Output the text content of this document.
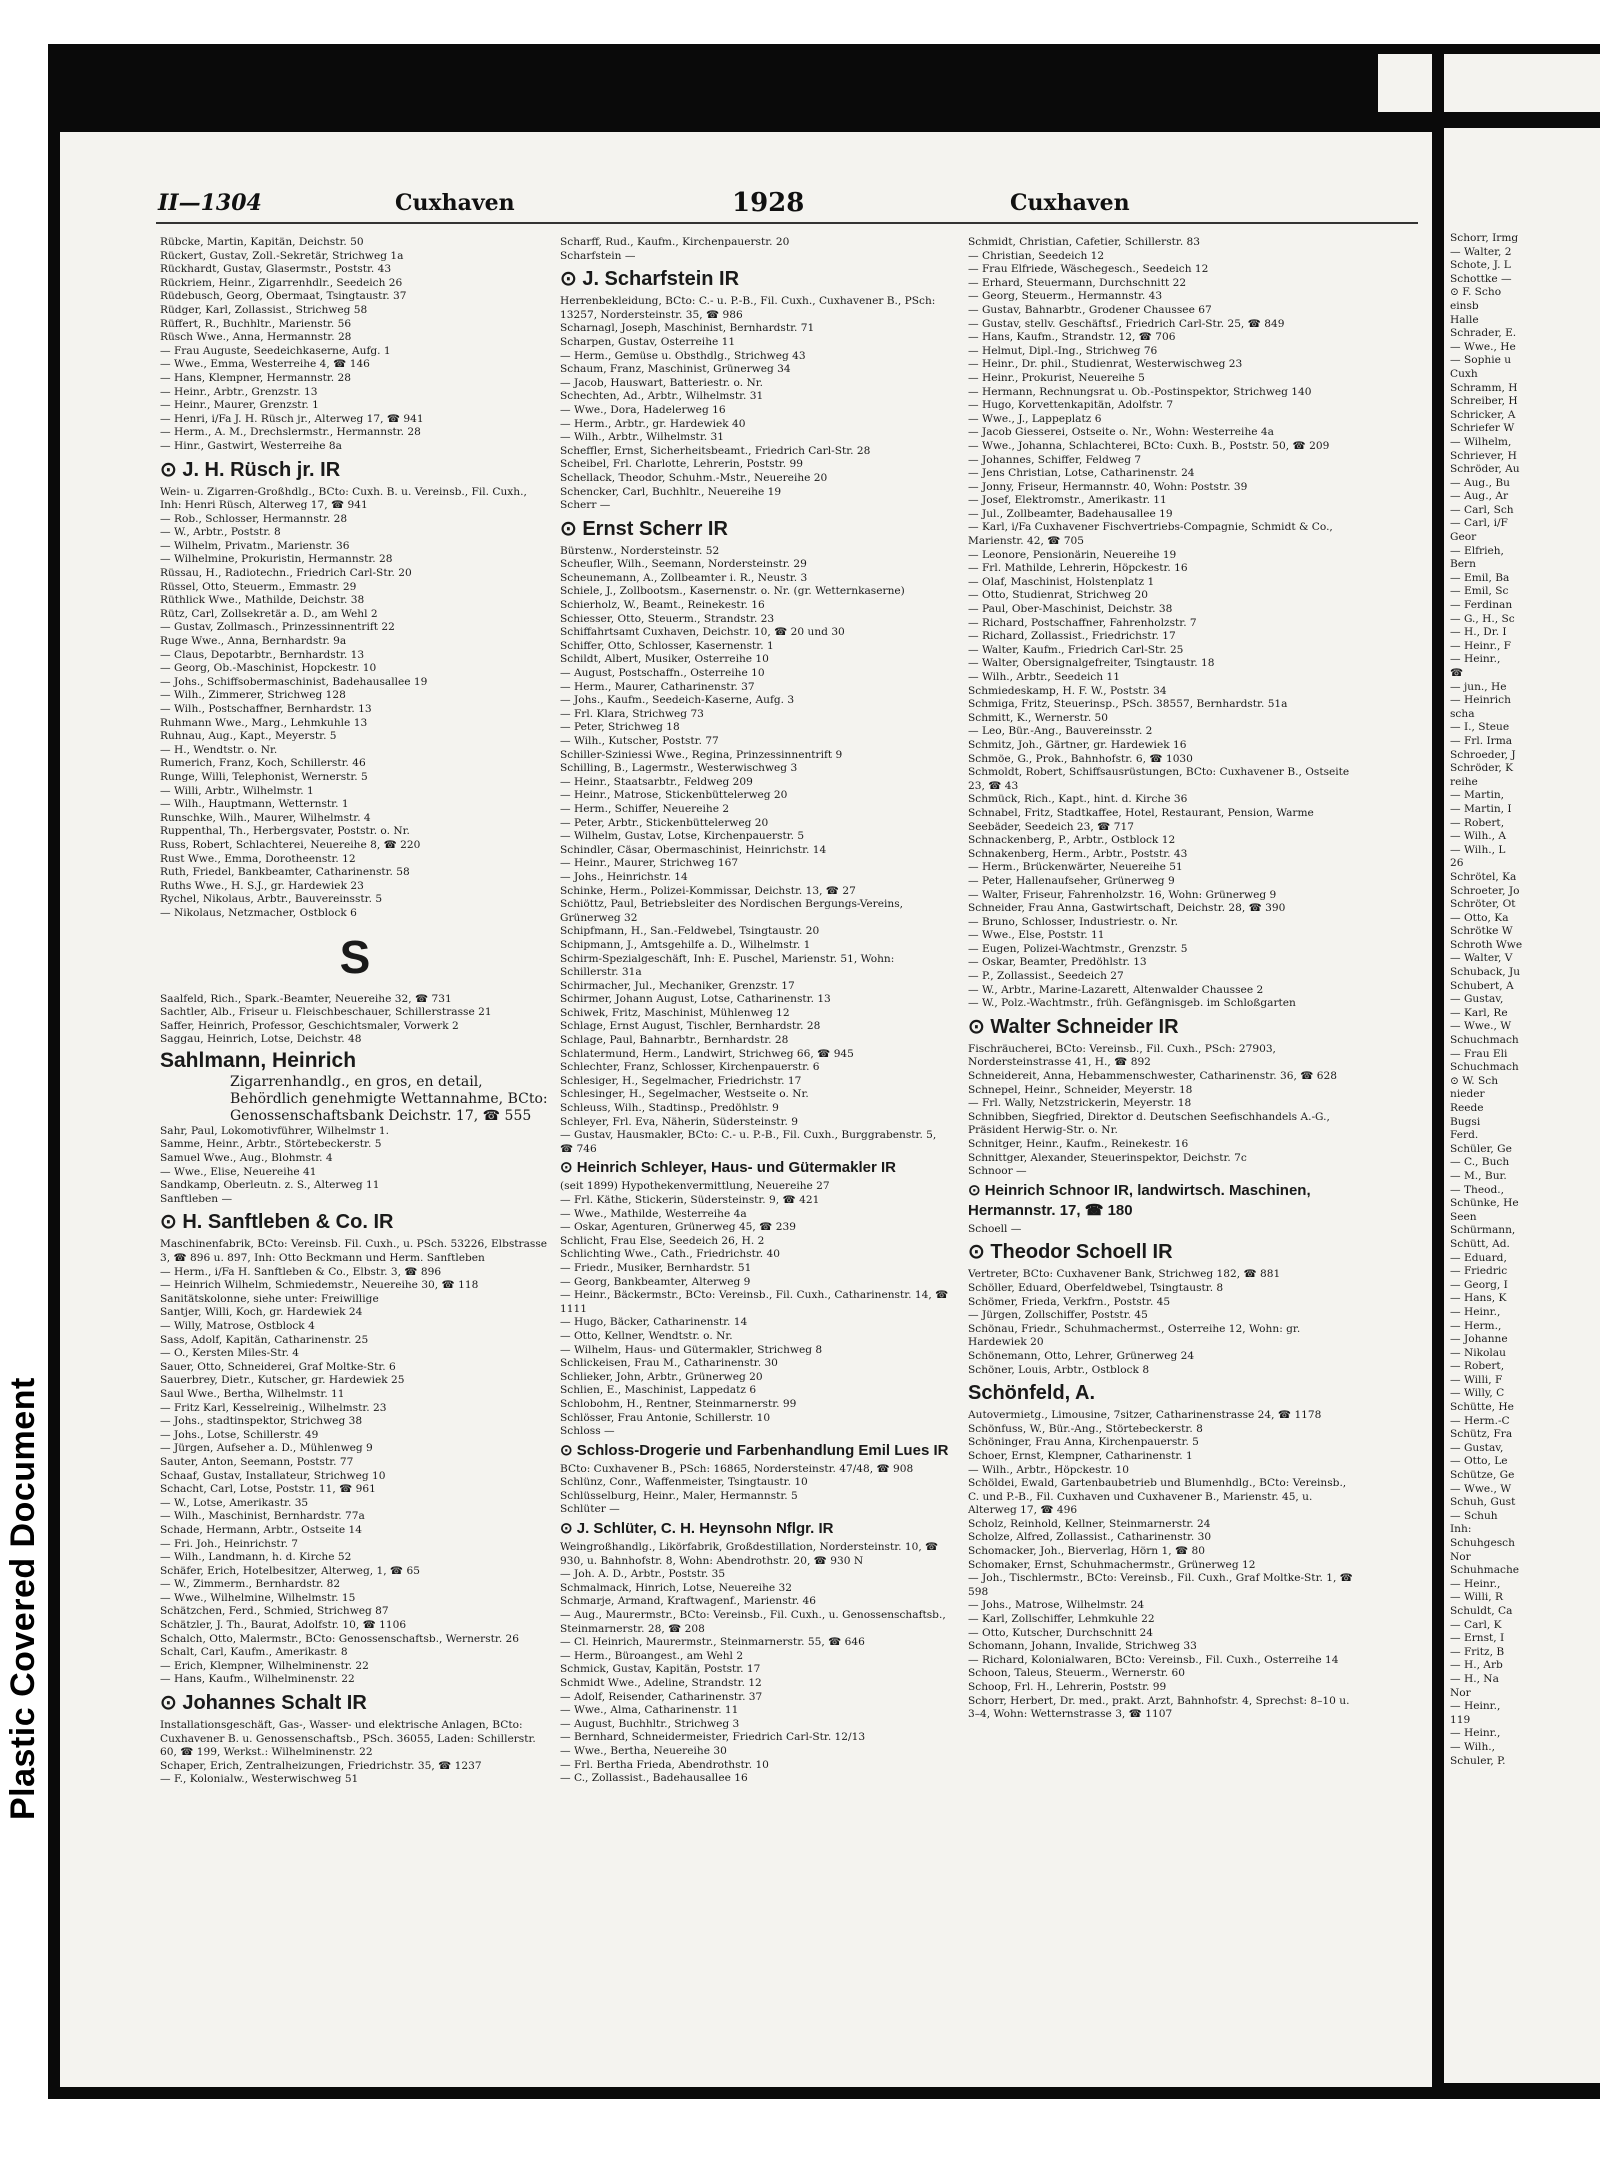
Plastic Covered Document
II—1304	Cuxhaven	1928	Cuxhaven
Rübcke, Martin, Kapitän, Deichstr. 50
Rückert, Gustav, Zoll.-Sekretär, Strichweg 1a
Rückhardt, Gustav, Glasermstr., Poststr. 43
Rückriem, Heinr., Zigarrenhdlr., Seedeich 26
Rüdebusch, Georg, Obermaat, Tsingtaustr. 37
Rüdger, Karl, Zollassist., Strichweg 58
Rüffert, R., Buchhltr., Marienstr. 56
Rüsch Wwe., Anna, Hermannstr. 28
— Frau Auguste, Seedeichkaserne, Aufg. 1
— Wwe., Emma, Westerreihe 4, ☎ 146
— Hans, Klempner, Hermannstr. 28
— Heinr., Arbtr., Grenzstr. 13
— Heinr., Maurer, Grenzstr. 1
— Henri, i/Fa J. H. Rüsch jr., Alterweg 17, ☎ 941
— Herm., A. M., Drechslermstr., Hermannstr. 28
— Hinr., Gastwirt, Westerreihe 8a
⊙ J. H. Rüsch jr. IR
Wein- u. Zigarren-Großhdlg., BCto: Cuxh. B. u. Vereinsb., Fil. Cuxh., Inh: Henri Rüsch, Alterweg 17, ☎ 941
— Rob., Schlosser, Hermannstr. 28
— W., Arbtr., Poststr. 8
— Wilhelm, Privatm., Marienstr. 36
— Wilhelmine, Prokuristin, Hermannstr. 28
Rüssau, H., Radiotechn., Friedrich Carl-Str. 20
Rüssel, Otto, Steuerm., Emmastr. 29
Rüthlick Wwe., Mathilde, Deichstr. 38
Rütz, Carl, Zollsekretär a. D., am Wehl 2
— Gustav, Zollmasch., Prinzessinnentrift 22
Ruge Wwe., Anna, Bernhardstr. 9a
— Claus, Depotarbtr., Bernhardstr. 13
— Georg, Ob.-Maschinist, Hopckestr. 10
— Johs., Schiffsobermaschinist, Badehausallee 19
— Wilh., Zimmerer, Strichweg 128
— Wilh., Postschaffner, Bernhardstr. 13
Ruhmann Wwe., Marg., Lehmkuhle 13
Ruhnau, Aug., Kapt., Meyerstr. 5
— H., Wendtstr. o. Nr.
Rumerich, Franz, Koch, Schillerstr. 46
Runge, Willi, Telephonist, Wernerstr. 5
— Willi, Arbtr., Wilhelmstr. 1
— Wilh., Hauptmann, Wetternstr. 1
Runschke, Wilh., Maurer, Wilhelmstr. 4
Ruppenthal, Th., Herbergsvater, Poststr. o. Nr.
Russ, Robert, Schlachterei, Neuereihe 8, ☎ 220
Rust Wwe., Emma, Dorotheenstr. 12
Ruth, Friedel, Bankbeamter, Catharinenstr. 58
Ruths Wwe., H. S.J., gr. Hardewiek 23
Rychel, Nikolaus, Arbtr., Bauvereinsstr. 5
— Nikolaus, Netzmacher, Ostblock 6
S
Saalfeld, Rich., Spark.-Beamter, Neuereihe 32, ☎ 731
Sachtler, Alb., Friseur u. Fleischbeschauer, Schillerstrasse 21
Saffer, Heinrich, Professor, Geschichtsmaler, Vorwerk 2
Saggau, Heinrich, Lotse, Deichstr. 48
Sahlmann, Heinrich
Zigarrenhandlg., en gros, en detail, Behördlich genehmigte Wettannahme, BCto: Genossenschaftsbank Deichstr. 17, ☎ 555
Sahr, Paul, Lokomotivführer, Wilhelmstr 1.
Samme, Heinr., Arbtr., Störtebeckerstr. 5
Samuel Wwe., Aug., Blohmstr. 4
— Wwe., Elise, Neuereihe 41
Sandkamp, Oberleutn. z. S., Alterweg 11
Sanftleben —
⊙ H. Sanftleben & Co. IR
Maschinenfabrik, BCto: Vereinsb. Fil. Cuxh., u. PSch. 53226, Elbstrasse 3, ☎ 896 u. 897, Inh: Otto Beckmann und Herm. Sanftleben
— Herm., i/Fa H. Sanftleben & Co., Elbstr. 3, ☎ 896
— Heinrich Wilhelm, Schmiedemstr., Neuereihe 30, ☎ 118
Sanitätskolonne, siehe unter: Freiwillige
Santjer, Willi, Koch, gr. Hardewiek 24
— Willy, Matrose, Ostblock 4
Sass, Adolf, Kapitän, Catharinenstr. 25
— O., Kersten Miles-Str. 4
Sauer, Otto, Schneiderei, Graf Moltke-Str. 6
Sauerbrey, Dietr., Kutscher, gr. Hardewiek 25
Saul Wwe., Bertha, Wilhelmstr. 11
— Fritz Karl, Kesselreinig., Wilhelmstr. 23
— Johs., stadtinspektor, Strichweg 38
— Johs., Lotse, Schillerstr. 49
— Jürgen, Aufseher a. D., Mühlenweg 9
Sauter, Anton, Seemann, Poststr. 77
Schaaf, Gustav, Installateur, Strichweg 10
Schacht, Carl, Lotse, Poststr. 11, ☎ 961
— W., Lotse, Amerikastr. 35
— Wilh., Maschinist, Bernhardstr. 77a
Schade, Hermann, Arbtr., Ostseite 14
— Fri. Joh., Heinrichstr. 7
— Wilh., Landmann, h. d. Kirche 52
Schäfer, Erich, Hotelbesitzer, Alterweg, 1, ☎ 65
— W., Zimmerm., Bernhardstr. 82
— Wwe., Wilhelmine, Wilhelmstr. 15
Schätzchen, Ferd., Schmied, Strichweg 87
Schätzler, J. Th., Baurat, Adolfstr. 10, ☎ 1106
Schalch, Otto, Malermstr., BCto: Genossenschaftsb., Wernerstr. 26
Schalt, Carl, Kaufm., Amerikastr. 8
— Erich, Klempner, Wilhelminenstr. 22
— Hans, Kaufm., Wilhelminenstr. 22
⊙ Johannes Schalt IR
Installationsgeschäft, Gas-, Wasser- und elektrische Anlagen, BCto: Cuxhavener B. u. Genossenschaftsb., PSch. 36055, Laden: Schillerstr. 60, ☎ 199, Werkst.: Wilhelminenstr. 22
Schaper, Erich, Zentralheizungen, Friedrichstr. 35, ☎ 1237
— F., Kolonialw., Westerwischweg 51
Scharff, Rud., Kaufm., Kirchenpauerstr. 20
Scharfstein —
⊙ J. Scharfstein IR
Herrenbekleidung, BCto: C.- u. P.-B., Fil. Cuxh., Cuxhavener B., PSch: 13257, Nordersteinstr. 35, ☎ 986
Scharnagl, Joseph, Maschinist, Bernhardstr. 71
Scharpen, Gustav, Osterreihe 11
— Herm., Gemüse u. Obsthdlg., Strichweg 43
Schaum, Franz, Maschinist, Grünerweg 34
— Jacob, Hauswart, Batteriestr. o. Nr.
Schechten, Ad., Arbtr., Wilhelmstr. 31
— Wwe., Dora, Hadelerweg 16
— Herm., Arbtr., gr. Hardewiek 40
— Wilh., Arbtr., Wilhelmstr. 31
Scheffler, Ernst, Sicherheitsbeamt., Friedrich Carl-Str. 28
Scheibel, Frl. Charlotte, Lehrerin, Poststr. 99
Schellack, Theodor, Schuhm.-Mstr., Neuereihe 20
Schencker, Carl, Buchhltr., Neuereihe 19
Scherr —
⊙ Ernst Scherr IR
Bürstenw., Nordersteinstr. 52
Scheufler, Wilh., Seemann, Nordersteinstr. 29
Scheunemann, A., Zollbeamter i. R., Neustr. 3
Schiele, J., Zollbootsm., Kasernenstr. o. Nr. (gr. Wetternkaserne)
Schierholz, W., Beamt., Reinekestr. 16
Schiesser, Otto, Steuerm., Strandstr. 23
Schiffahrtsamt Cuxhaven, Deichstr. 10, ☎ 20 und 30
Schiffer, Otto, Schlosser, Kasernenstr. 1
Schildt, Albert, Musiker, Osterreihe 10
— August, Postschaffn., Osterreihe 10
— Herm., Maurer, Catharinenstr. 37
— Johs., Kaufm., Seedeich-Kaserne, Aufg. 3
— Frl. Klara, Strichweg 73
— Peter, Strichweg 18
— Wilh., Kutscher, Poststr. 77
Schiller-Sziniessi Wwe., Regina, Prinzessinnentrift 9
Schilling, B., Lagermstr., Westerwischweg 3
— Heinr., Staatsarbtr., Feldweg 209
— Heinr., Matrose, Stickenbüttelerweg 20
— Herm., Schiffer, Neuereihe 2
— Peter, Arbtr., Stickenbüttelerweg 20
— Wilhelm, Gustav, Lotse, Kirchenpauerstr. 5
Schindler, Cäsar, Obermaschinist, Heinrichstr. 14
— Heinr., Maurer, Strichweg 167
— Johs., Heinrichstr. 14
Schinke, Herm., Polizei-Kommissar, Deichstr. 13, ☎ 27
Schiöttz, Paul, Betriebsleiter des Nordischen Bergungs-Vereins, Grünerweg 32
Schipfmann, H., San.-Feldwebel, Tsingtaustr. 20
Schipmann, J., Amtsgehilfe a. D., Wilhelmstr. 1
Schirm-Spezialgeschäft, Inh: E. Puschel, Marienstr. 51, Wohn: Schillerstr. 31a
Schirmacher, Jul., Mechaniker, Grenzstr. 17
Schirmer, Johann August, Lotse, Catharinenstr. 13
Schiwek, Fritz, Maschinist, Mühlenweg 12
Schlage, Ernst August, Tischler, Bernhardstr. 28
Schlage, Paul, Bahnarbtr., Bernhardstr. 28
Schlatermund, Herm., Landwirt, Strichweg 66, ☎ 945
Schlechter, Franz, Schlosser, Kirchenpauerstr. 6
Schlesiger, H., Segelmacher, Friedrichstr. 17
Schlesinger, H., Segelmacher, Westseite o. Nr.
Schleuss, Wilh., Stadtinsp., Predöhlstr. 9
Schleyer, Frl. Eva, Näherin, Südersteinstr. 9
— Gustav, Hausmakler, BCto: C.- u. P.-B., Fil. Cuxh., Burggrabenstr. 5, ☎ 746
⊙ Heinrich Schleyer, Haus- und Gütermakler IR
(seit 1899) Hypothekenvermittlung, Neuereihe 27
— Frl. Käthe, Stickerin, Südersteinstr. 9, ☎ 421
— Wwe., Mathilde, Westerreihe 4a
— Oskar, Agenturen, Grünerweg 45, ☎ 239
Schlicht, Frau Else, Seedeich 26, H. 2
Schlichting Wwe., Cath., Friedrichstr. 40
— Friedr., Musiker, Bernhardstr. 51
— Georg, Bankbeamter, Alterweg 9
— Heinr., Bäckermstr., BCto: Vereinsb., Fil. Cuxh., Catharinenstr. 14, ☎ 1111
— Hugo, Bäcker, Catharinenstr. 14
— Otto, Kellner, Wendtstr. o. Nr.
— Wilhelm, Haus- und Gütermakler, Strichweg 8
Schlickeisen, Frau M., Catharinenstr. 30
Schlieker, John, Arbtr., Grünerweg 20
Schlien, E., Maschinist, Lappedatz 6
Schlobohm, H., Rentner, Steinmarnerstr. 99
Schlösser, Frau Antonie, Schillerstr. 10
Schloss —
⊙ Schloss-Drogerie und Farbenhandlung Emil Lues IR
BCto: Cuxhavener B., PSch: 16865, Nordersteinstr. 47/48, ☎ 908
Schlünz, Conr., Waffenmeister, Tsingtaustr. 10
Schlüsselburg, Heinr., Maler, Hermannstr. 5
Schlüter —
⊙ J. Schlüter, C. H. Heynsohn Nflgr. IR
Weingroßhandlg., Likörfabrik, Großdestillation, Nordersteinstr. 10, ☎ 930, u. Bahnhofstr. 8, Wohn: Abendrothstr. 20, ☎ 930 N
— Joh. A. D., Arbtr., Poststr. 35
Schmalmack, Hinrich, Lotse, Neuereihe 32
Schmarje, Armand, Kraftwagenf., Marienstr. 46
— Aug., Maurermstr., BCto: Vereinsb., Fil. Cuxh., u. Genossenschaftsb., Steinmarnerstr. 28, ☎ 208
— Cl. Heinrich, Maurermstr., Steinmarnerstr. 55, ☎ 646
— Herm., Büroangest., am Wehl 2
Schmick, Gustav, Kapitän, Poststr. 17
Schmidt Wwe., Adeline, Strandstr. 12
— Adolf, Reisender, Catharinenstr. 37
— Wwe., Alma, Catharinenstr. 11
— August, Buchhltr., Strichweg 3
— Bernhard, Schneidermeister, Friedrich Carl-Str. 12/13
— Wwe., Bertha, Neuereihe 30
— Frl. Bertha Frieda, Abendrothstr. 10
— C., Zollassist., Badehausallee 16
Schmidt, Christian, Cafetier, Schillerstr. 83
— Christian, Seedeich 12
— Frau Elfriede, Wäschegesch., Seedeich 12
— Erhard, Steuermann, Durchschnitt 22
— Georg, Steuerm., Hermannstr. 43
— Gustav, Bahnarbtr., Grodener Chaussee 67
— Gustav, stellv. Geschäftsf., Friedrich Carl-Str. 25, ☎ 849
— Hans, Kaufm., Strandstr. 12, ☎ 706
— Helmut, Dipl.-Ing., Strichweg 76
— Heinr., Dr. phil., Studienrat, Westerwischweg 23
— Heinr., Prokurist, Neuereihe 5
— Hermann, Rechnungsrat u. Ob.-Postinspektor, Strichweg 140
— Hugo, Korvettenkapitän, Adolfstr. 7
— Wwe., J., Lappeplatz 6
— Jacob Giesserei, Ostseite o. Nr., Wohn: Westerreihe 4a
— Wwe., Johanna, Schlachterei, BCto: Cuxh. B., Poststr. 50, ☎ 209
— Johannes, Schiffer, Feldweg 7
— Jens Christian, Lotse, Catharinenstr. 24
— Jonny, Friseur, Hermannstr. 40, Wohn: Poststr. 39
— Josef, Elektromstr., Amerikastr. 11
— Jul., Zollbeamter, Badehausallee 19
— Karl, i/Fa Cuxhavener Fischvertriebs-Compagnie, Schmidt & Co., Marienstr. 42, ☎ 705
— Leonore, Pensionärin, Neuereihe 19
— Frl. Mathilde, Lehrerin, Höpckestr. 16
— Olaf, Maschinist, Holstenplatz 1
— Otto, Studienrat, Strichweg 20
— Paul, Ober-Maschinist, Deichstr. 38
— Richard, Postschaffner, Fahrenholzstr. 7
— Richard, Zollassist., Friedrichstr. 17
— Walter, Kaufm., Friedrich Carl-Str. 25
— Walter, Obersignalgefreiter, Tsingtaustr. 18
— Wilh., Arbtr., Seedeich 11
Schmiedeskamp, H. F. W., Poststr. 34
Schmiga, Fritz, Steuerinsp., PSch. 38557, Bernhardstr. 51a
Schmitt, K., Wernerstr. 50
— Leo, Bür.-Ang., Bauvereinsstr. 2
Schmitz, Joh., Gärtner, gr. Hardewiek 16
Schmöe, G., Prok., Bahnhofstr. 6, ☎ 1030
Schmoldt, Robert, Schiffsausrüstungen, BCto: Cuxhavener B., Ostseite 23, ☎ 43
Schmück, Rich., Kapt., hint. d. Kirche 36
Schnabel, Fritz, Stadtkaffee, Hotel, Restaurant, Pension, Warme Seebäder, Seedeich 23, ☎ 717
Schnackenberg, P., Arbtr., Ostblock 12
Schnakenberg, Herm., Arbtr., Poststr. 43
— Herm., Brückenwärter, Neuereihe 51
— Peter, Hallenaufseher, Grünerweg 9
— Walter, Friseur, Fahrenholzstr. 16, Wohn: Grünerweg 9
Schneider, Frau Anna, Gastwirtschaft, Deichstr. 28, ☎ 390
— Bruno, Schlosser, Industriestr. o. Nr.
— Wwe., Else, Poststr. 11
— Eugen, Polizei-Wachtmstr., Grenzstr. 5
— Oskar, Beamter, Predöhlstr. 13
— P., Zollassist., Seedeich 27
— W., Arbtr., Marine-Lazarett, Altenwalder Chaussee 2
— W., Polz.-Wachtmstr., früh. Gefängnisgeb. im Schloßgarten
⊙ Walter Schneider IR
Fischräucherei, BCto: Vereinsb., Fil. Cuxh., PSch: 27903, Nordersteinstrasse 41, H., ☎ 892
Schneidereit, Anna, Hebammenschwester, Catharinenstr. 36, ☎ 628
Schnepel, Heinr., Schneider, Meyerstr. 18
— Frl. Wally, Netzstrickerin, Meyerstr. 18
Schnibben, Siegfried, Direktor d. Deutschen Seefischhandels A.-G., Präsident Herwig-Str. o. Nr.
Schnitger, Heinr., Kaufm., Reinekestr. 16
Schnittger, Alexander, Steuerinspektor, Deichstr. 7c
Schnoor —
⊙ Heinrich Schnoor IR, landwirtsch. Maschinen, Hermannstr. 17, ☎ 180
Schoell —
⊙ Theodor Schoell IR
Vertreter, BCto: Cuxhavener Bank, Strichweg 182, ☎ 881
Schöller, Eduard, Oberfeldwebel, Tsingtaustr. 8
Schömer, Frieda, Verkfrn., Poststr. 45
— Jürgen, Zollschiffer, Poststr. 45
Schönau, Friedr., Schuhmachermst., Osterreihe 12, Wohn: gr. Hardewiek 20
Schönemann, Otto, Lehrer, Grünerweg 24
Schöner, Louis, Arbtr., Ostblock 8
Schönfeld, A.
Autovermietg., Limousine, 7sitzer, Catharinenstrasse 24, ☎ 1178
Schönfuss, W., Bür.-Ang., Störtebeckerstr. 8
Schöninger, Frau Anna, Kirchenpauerstr. 5
Schoer, Ernst, Klempner, Catharinenstr. 1
— Wilh., Arbtr., Höpckestr. 10
Schöldei, Ewald, Gartenbaubetrieb und Blumenhdlg., BCto: Vereinsb., C. und P.-B., Fil. Cuxhaven und Cuxhavener B., Marienstr. 45, u. Alterweg 17, ☎ 496
Scholz, Reinhold, Kellner, Steinmarnerstr. 24
Scholze, Alfred, Zollassist., Catharinenstr. 30
Schomacker, Joh., Bierverlag, Hörn 1, ☎ 80
Schomaker, Ernst, Schuhmachermstr., Grünerweg 12
— Joh., Tischlermstr., BCto: Vereinsb., Fil. Cuxh., Graf Moltke-Str. 1, ☎ 598
— Johs., Matrose, Wilhelmstr. 24
— Karl, Zollschiffer, Lehmkuhle 22
— Otto, Kutscher, Durchschnitt 24
Schomann, Johann, Invalide, Strichweg 33
— Richard, Kolonialwaren, BCto: Vereinsb., Fil. Cuxh., Osterreihe 14
Schoon, Taleus, Steuerm., Wernerstr. 60
Schoop, Frl. H., Lehrerin, Poststr. 99
Schorr, Herbert, Dr. med., prakt. Arzt, Bahnhofstr. 4, Sprechst: 8–10 u. 3–4, Wohn: Wetternstrasse 3, ☎ 1107
Schorr, Irmg
— Walter, 2
Schote, J. L
Schottke —
⊙ F. Scho
einsb
Halle
Schrader, E.
— Wwe., He
— Sophie u
Cuxh
Schramm, H
Schreiber, H
Schricker, A
Schriefer W
— Wilhelm,
Schriever, H
Schröder, Au
— Aug., Bu
— Aug., Ar
— Carl, Sch
— Carl, i/F
Geor
— Elfrieh,
Bern
— Emil, Ba
— Emil, Sc
— Ferdinan
— G., H., Sc
— H., Dr. I
— Heinr., F
— Heinr.,
☎
— jun., He
— Heinrich
scha
— I., Steue
— Frl. Irma
Schroeder, J
Schröder, K
reihe
— Martin,
— Martin, I
— Robert,
— Wilh., A
— Wilh., L
26
Schrötel, Ka
Schroeter, Jo
Schröter, Ot
— Otto, Ka
Schrötke W
Schroth Wwe
— Walter, V
Schuback, Ju
Schubert, A
— Gustav,
— Karl, Re
— Wwe., W
Schuchmach
— Frau Eli
Schuchmach
⊙ W. Sch
nieder
Reede
Bugsi
Ferd.
Schüler, Ge
— C., Buch
— M., Bur.
— Theod.,
Schünke, He
Seen
Schürmann,
Schütt, Ad.
— Eduard,
— Friedric
— Georg, I
— Hans, K
— Heinr.,
— Herm.,
— Johanne
— Nikolau
— Robert,
— Willi, F
— Willy, C
Schütte, He
— Herm.-C
Schütz, Fra
— Gustav,
— Otto, Le
Schütze, Ge
— Wwe., W
Schuh, Gust
— Schuh
Inh:
Schuhgesch
Nor
Schuhmache
— Heinr.,
— Willi, R
Schuldt, Ca
— Carl, K
— Ernst, I
— Fritz, B
— H., Arb
— H., Na
Nor
— Heinr.,
119
— Heinr.,
— Wilh.,
Schuler, P.
